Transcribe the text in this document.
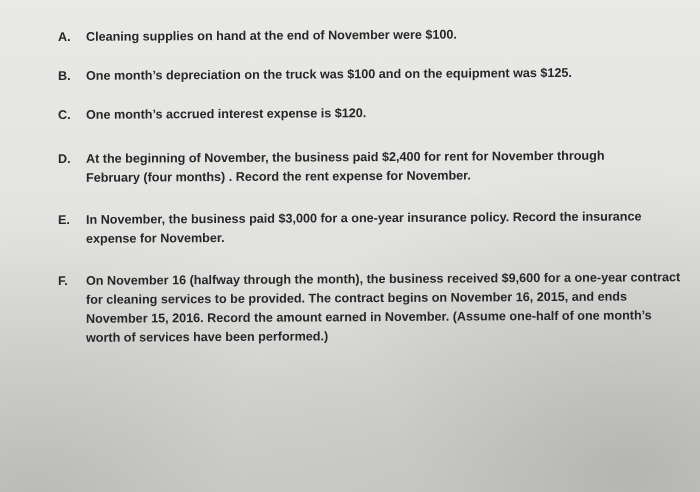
A.	Cleaning supplies on hand at the end of November were $100.
B.	One month’s depreciation on the truck was $100 and on the equipment was $125.
C.	One month’s accrued interest expense is $120.
D.	At the beginning of November, the business paid $2,400 for rent for November through February (four months) . Record the rent expense for November.
E.	In November, the business paid $3,000 for a one-year insurance policy. Record the insurance expense for November.
F.	On November 16 (halfway through the month), the business received $9,600 for a one-year contract for cleaning services to be provided. The contract begins on November 16, 2015, and ends November 15, 2016. Record the amount earned in November. (Assume one-half of one month’s worth of services have been performed.)
